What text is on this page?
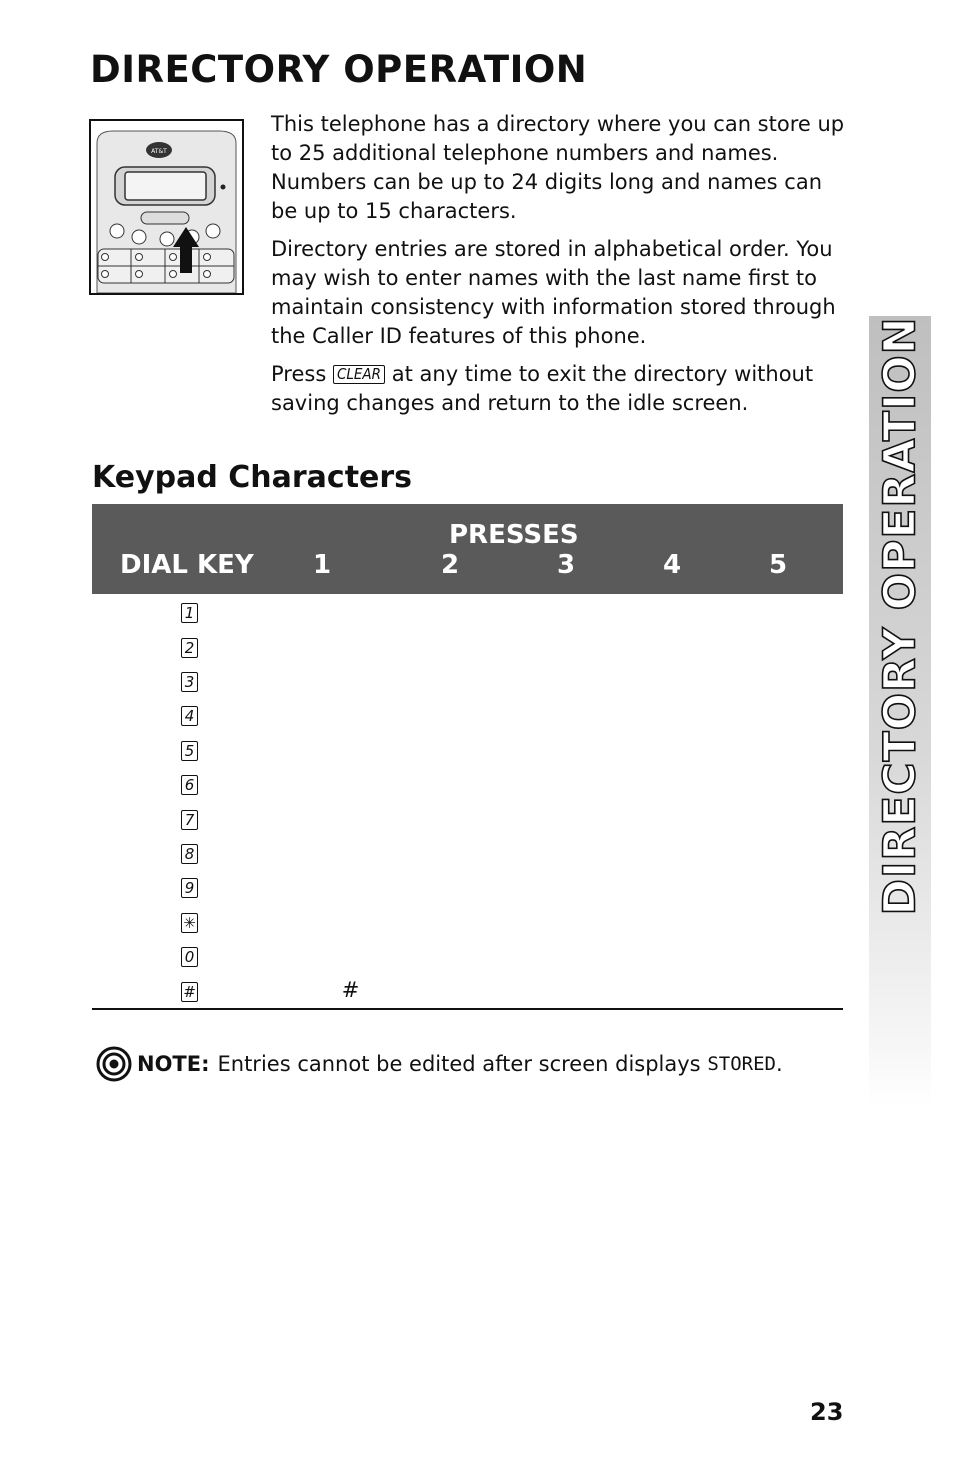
DIRECTORY OPERATION
AT&T

This telephone has a directory where you can store up to 25 additional telephone numbers and names. Numbers can be up to 24 digits long and names can be up to 15 characters.

Directory entries are stored in alphabetical order. You may wish to enter names with the last name first to maintain consistency with information stored through the Caller ID features of this phone.

Press CLEAR at any time to exit the directory without saving changes and return to the idle screen.

Keypad Characters
	PRESSES				
DIAL KEY	1	2	3	4	5
1					
2					
3					
4					
5					
6					
7					
8					
9					
✳					
0					
#	#				
NOTE: Entries cannot be edited after screen displays
STORED .
DIRECTORY OPERATION
23
